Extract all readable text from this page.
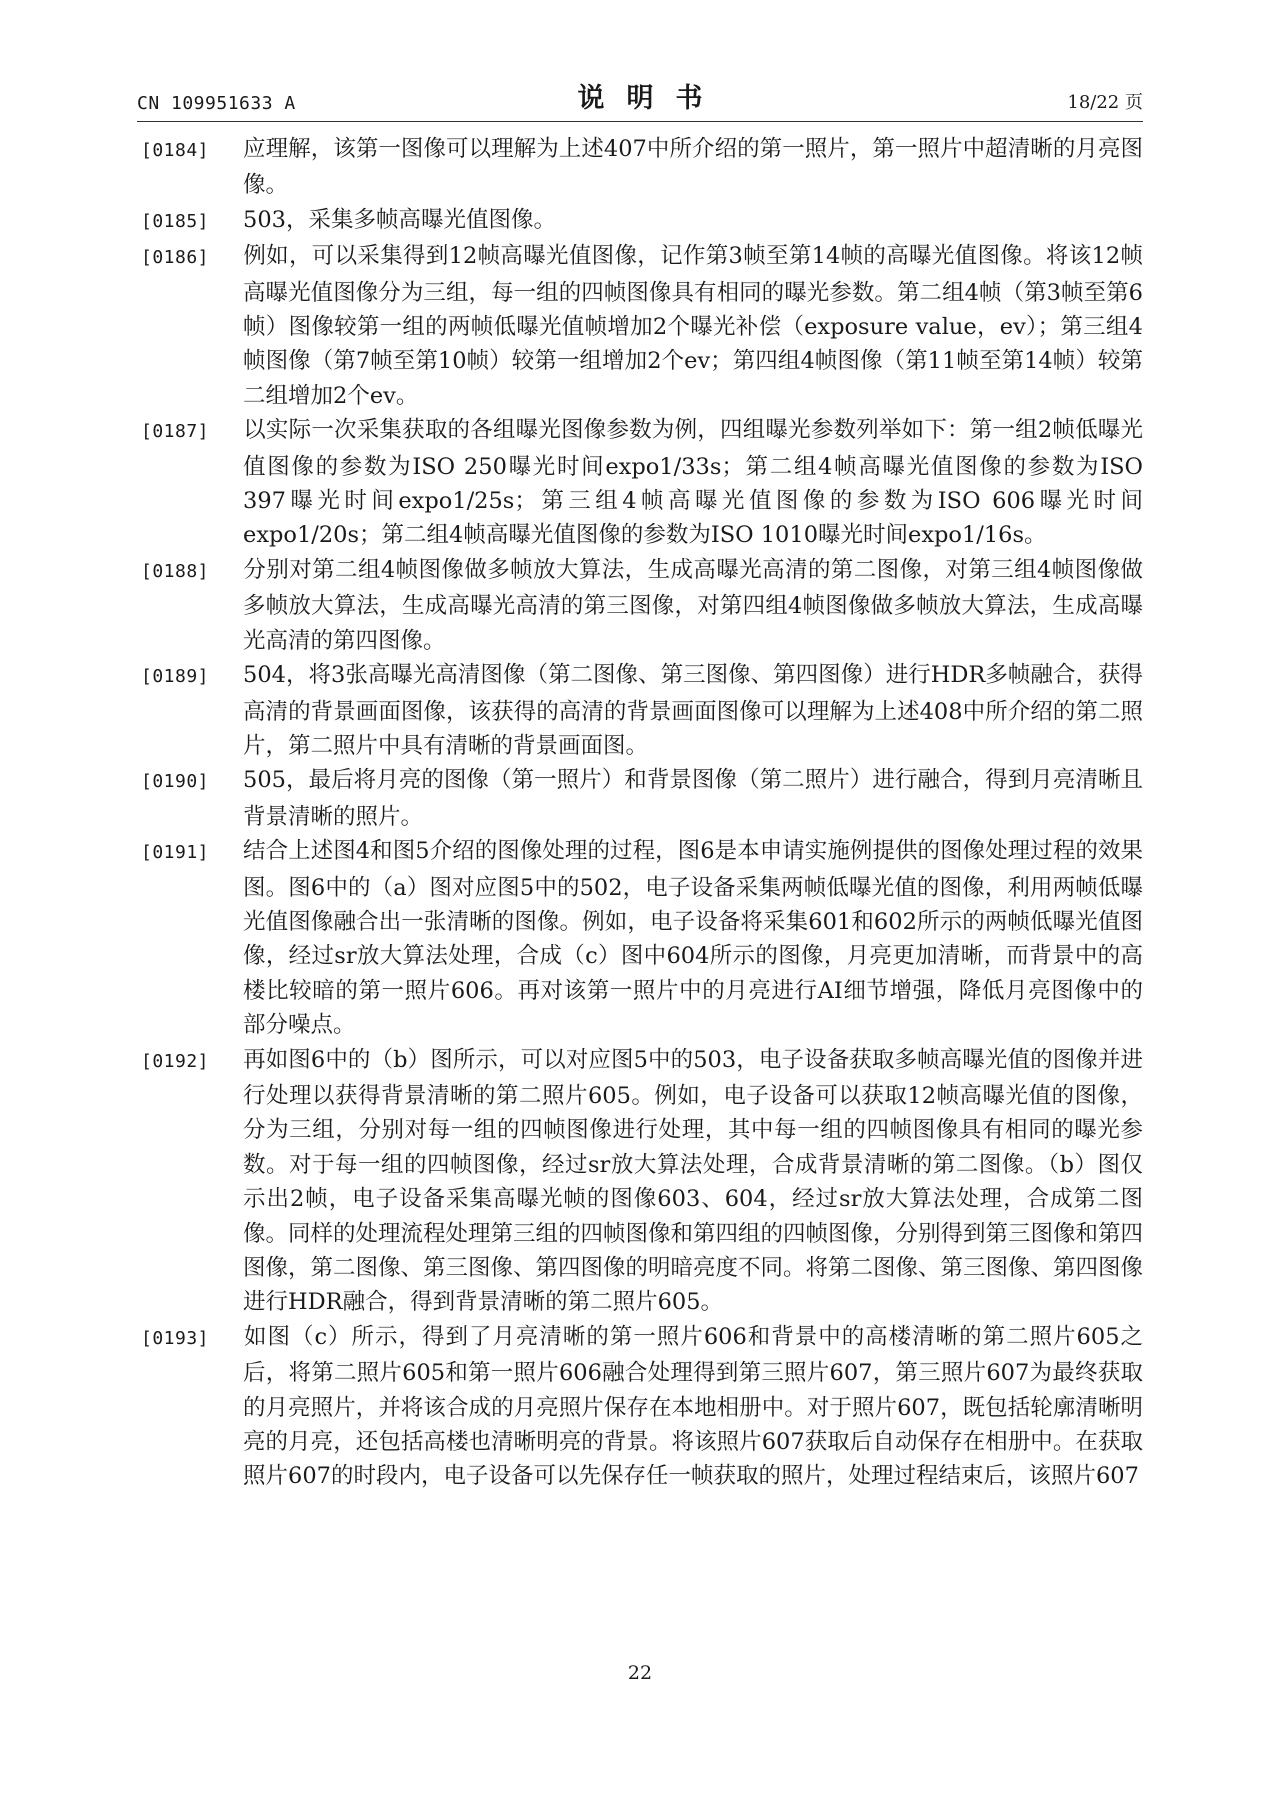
CN 109951633 A	说明书	18/22 页

[0184] 应理解，该第一图像可以理解为上述407中所介绍的第一照片，第一照片中超清晰的月亮图像。

[0185] 503，采集多帧高曝光值图像。

[0186] 例如，可以采集得到12帧高曝光值图像，记作第3帧至第14帧的高曝光值图像。将该12帧高曝光值图像分为三组，每一组的四帧图像具有相同的曝光参数。第二组4帧（第3帧至第6帧）图像较第一组的两帧低曝光值帧增加2个曝光补偿（exposure value，ev）；第三组4帧图像（第7帧至第10帧）较第一组增加2个ev；第四组4帧图像（第11帧至第14帧）较第二组增加2个ev。

[0187] 以实际一次采集获取的各组曝光图像参数为例，四组曝光参数列举如下：第一组2帧低曝光值图像的参数为ISO 250曝光时间expo1/33s；第二组4帧高曝光值图像的参数为ISO 397曝光时间expo1/25s；第三组4帧高曝光值图像的参数为ISO 606曝光时间expo1/20s；第二组4帧高曝光值图像的参数为ISO 1010曝光时间expo1/16s。

[0188] 分别对第二组4帧图像做多帧放大算法，生成高曝光高清的第二图像，对第三组4帧图像做多帧放大算法，生成高曝光高清的第三图像，对第四组4帧图像做多帧放大算法，生成高曝光高清的第四图像。

[0189] 504，将3张高曝光高清图像（第二图像、第三图像、第四图像）进行HDR多帧融合，获得高清的背景画面图像，该获得的高清的背景画面图像可以理解为上述408中所介绍的第二照片，第二照片中具有清晰的背景画面图。

[0190] 505，最后将月亮的图像（第一照片）和背景图像（第二照片）进行融合，得到月亮清晰且背景清晰的照片。

[0191] 结合上述图4和图5介绍的图像处理的过程，图6是本申请实施例提供的图像处理过程的效果图。图6中的（a）图对应图5中的502，电子设备采集两帧低曝光值的图像，利用两帧低曝光值图像融合出一张清晰的图像。例如，电子设备将采集601和602所示的两帧低曝光值图像，经过sr放大算法处理，合成（c）图中604所示的图像，月亮更加清晰，而背景中的高楼比较暗的第一照片606。再对该第一照片中的月亮进行AI细节增强，降低月亮图像中的部分噪点。

[0192] 再如图6中的（b）图所示，可以对应图5中的503，电子设备获取多帧高曝光值的图像并进行处理以获得背景清晰的第二照片605。例如，电子设备可以获取12帧高曝光值的图像，分为三组，分别对每一组的四帧图像进行处理，其中每一组的四帧图像具有相同的曝光参数。对于每一组的四帧图像，经过sr放大算法处理，合成背景清晰的第二图像。（b）图仅示出2帧，电子设备采集高曝光帧的图像603、604，经过sr放大算法处理，合成第二图像。同样的处理流程处理第三组的四帧图像和第四组的四帧图像，分别得到第三图像和第四图像，第二图像、第三图像、第四图像的明暗亮度不同。将第二图像、第三图像、第四图像进行HDR融合，得到背景清晰的第二照片605。

[0193] 如图（c）所示，得到了月亮清晰的第一照片606和背景中的高楼清晰的第二照片605之后，将第二照片605和第一照片606融合处理得到第三照片607，第三照片607为最终获取的月亮照片，并将该合成的月亮照片保存在本地相册中。对于照片607，既包括轮廓清晰明亮的月亮，还包括高楼也清晰明亮的背景。将该照片607获取后自动保存在相册中。在获取照片607的时段内，电子设备可以先保存任一帧获取的照片，处理过程结束后，该照片607

22
